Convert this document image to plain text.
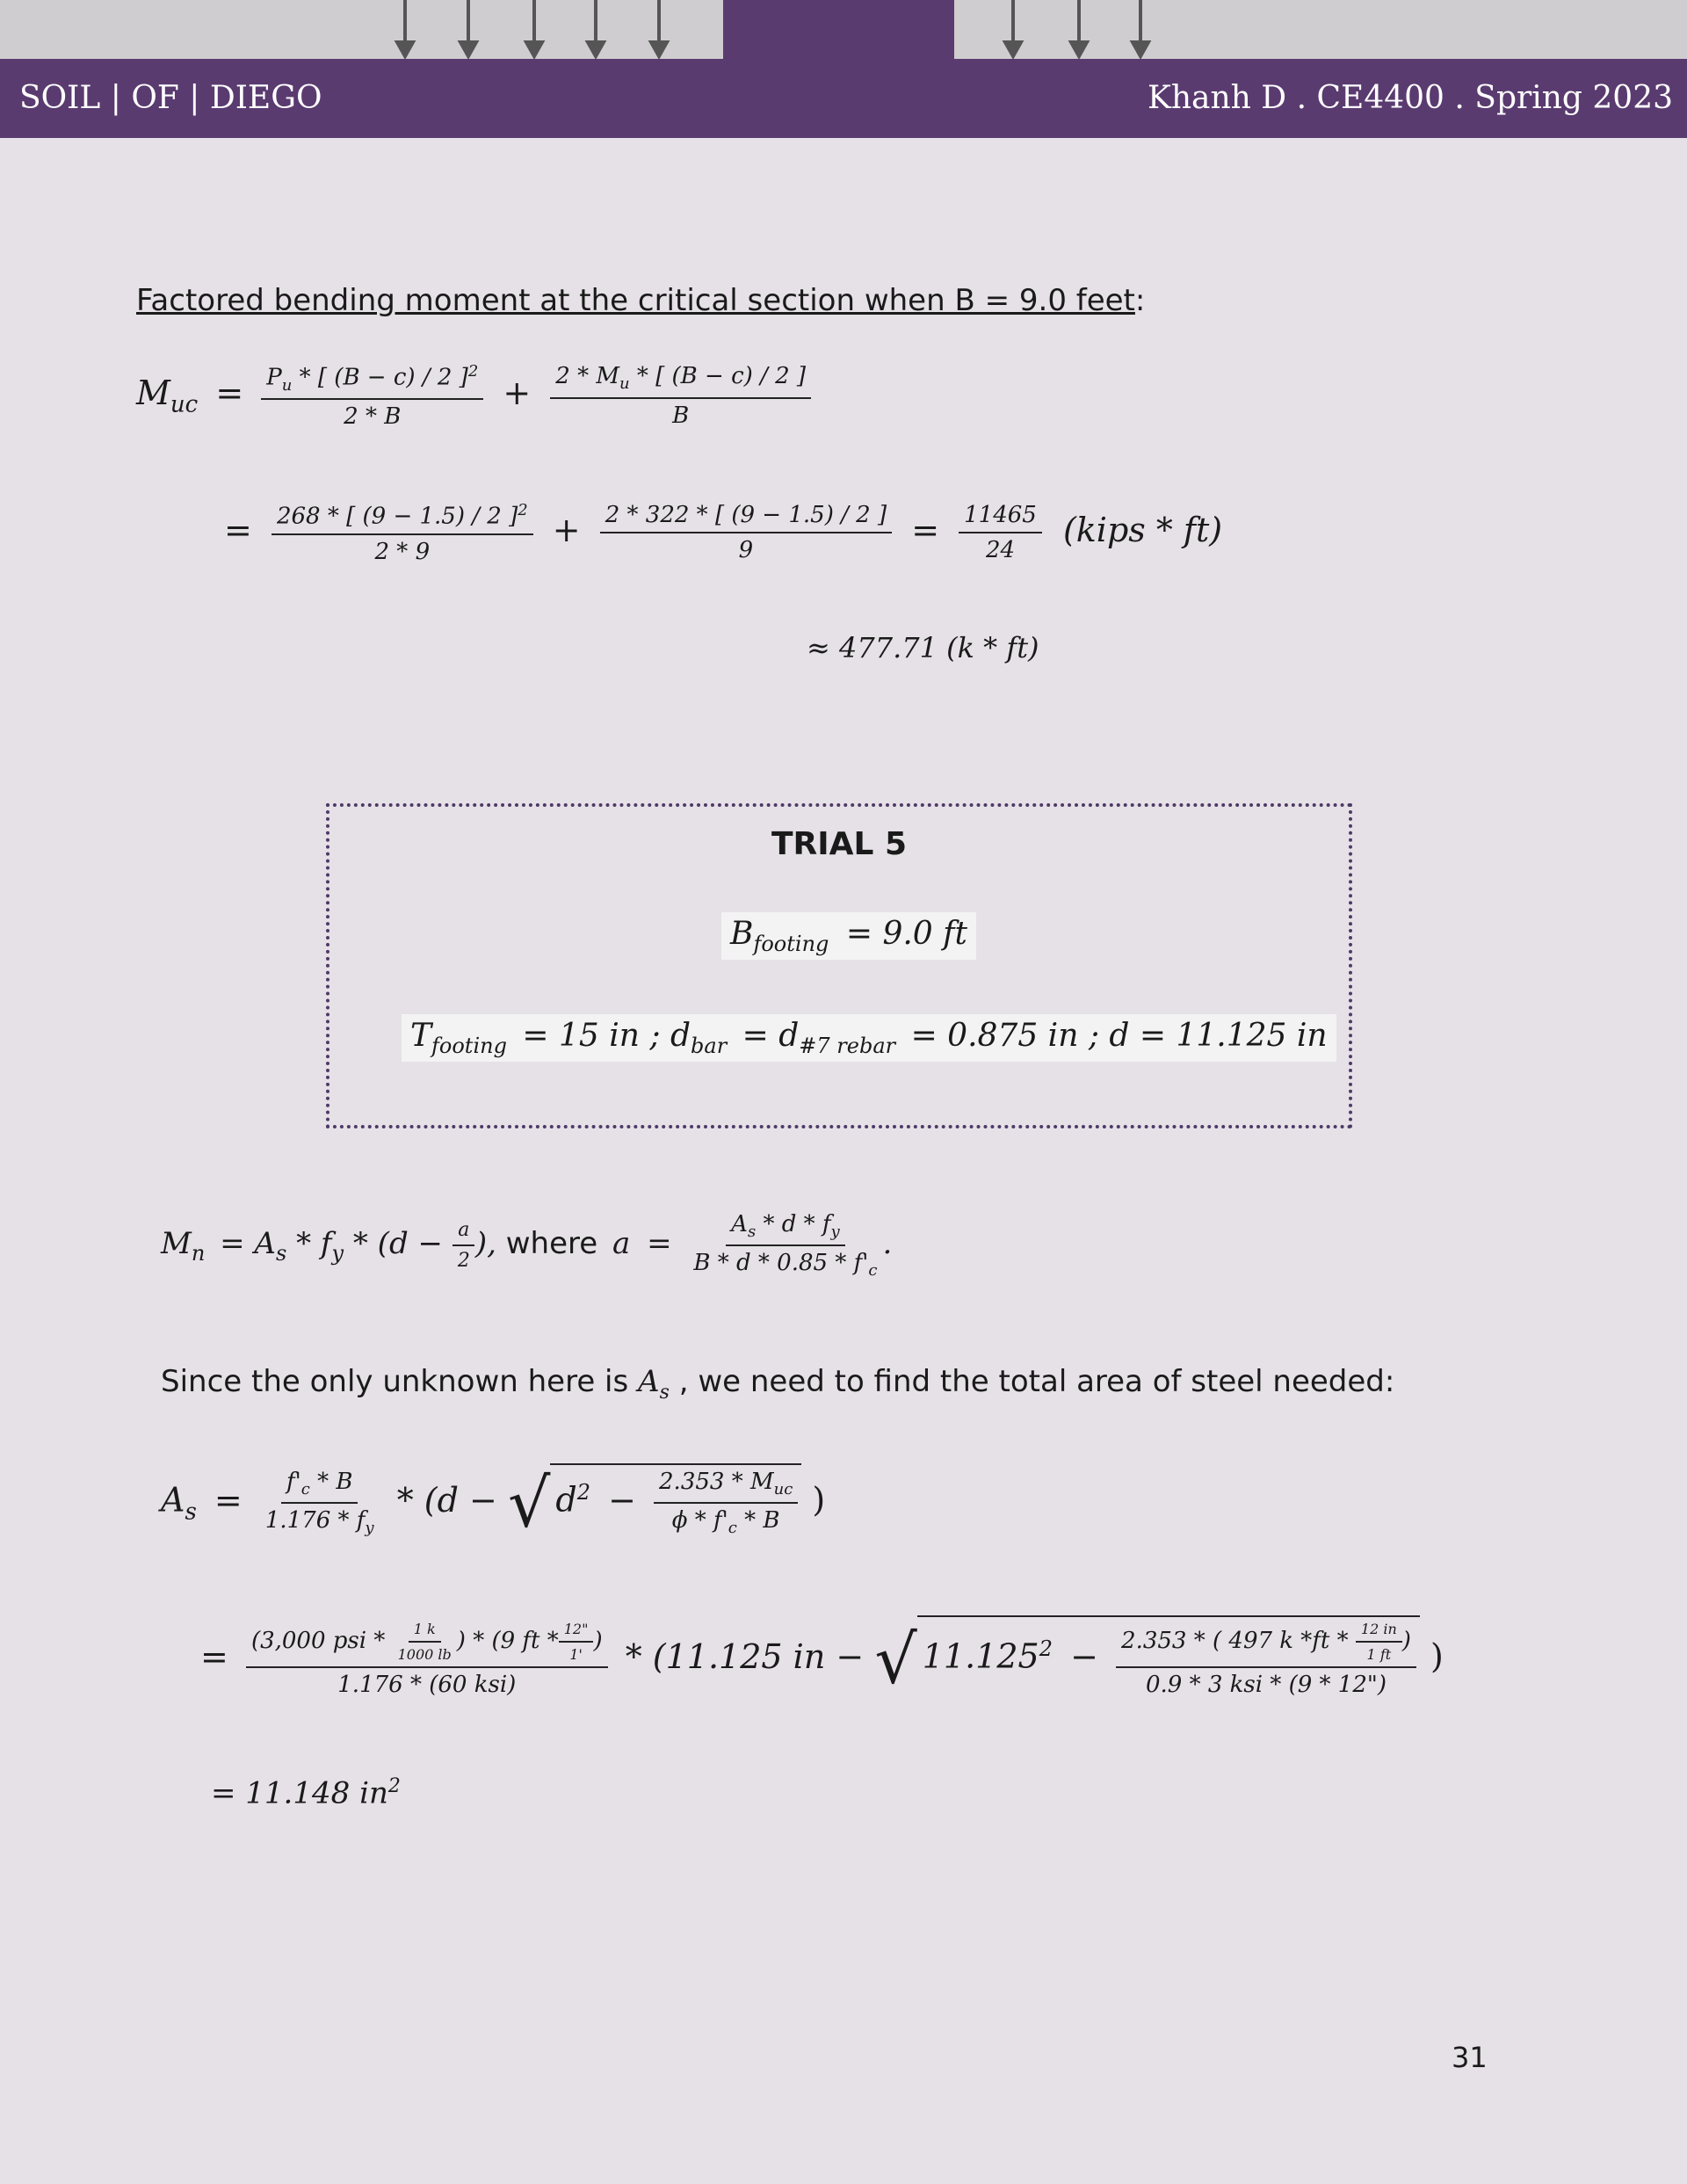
SOIL | OF | DIEGO	Khanh D . CE4400 . Spring 2023
Factored bending moment at the critical section when B = 9.0 feet:
$M_{uc} = \frac{P_u * [ (B - c) / 2 ]^2}{2 * B} + \frac{2 * M_u * [ (B - c) / 2 ]}{B}$
= $\frac{268 * [ (9 - 1.5) / 2 ]^2}{2 * 9} + \frac{2 * 322 * [ (9 - 1.5) / 2 ]}{9} = \frac{11465}{24}$ (kips * ft)
≈ 477.71 (k * ft)
TRIAL 5
$B_{footing} = 9.0$ ft
$T_{footing} = 15$ in ; $d_{bar} = d_{\#7 rebar} = 0.875$ in ; d = 11.125 in
$M_n = A_s * f_y * (d - \frac{a}{2}$ ), where $a = \frac{A_s * d * f_y}{B * d * 0.85 * f'_c}$ .
Since the only unknown here is $A_s$ , we need to find the total area of steel needed:
$A_s = \frac{f'_c * B}{1.176 * f_y} * (d$ − √ $d^2 - \frac{2.353 * M_{uc}}{\phi * f'_c * B}$ )
= $\frac{(3,000 psi * \frac{1 k}{1000 lb} ) * (9 ft * \frac{12"}{1'} )}{\text{1.176 * (60 ksi)}} * (11.125$ in − √ $11.125^2 - \frac{2.353 * ( 497 k *ft * \frac{12 in}{1 ft} )}{\text{0.9 * 3 ksi * (9 * 12")}}$ )
= 11.148 $in^2$
31
